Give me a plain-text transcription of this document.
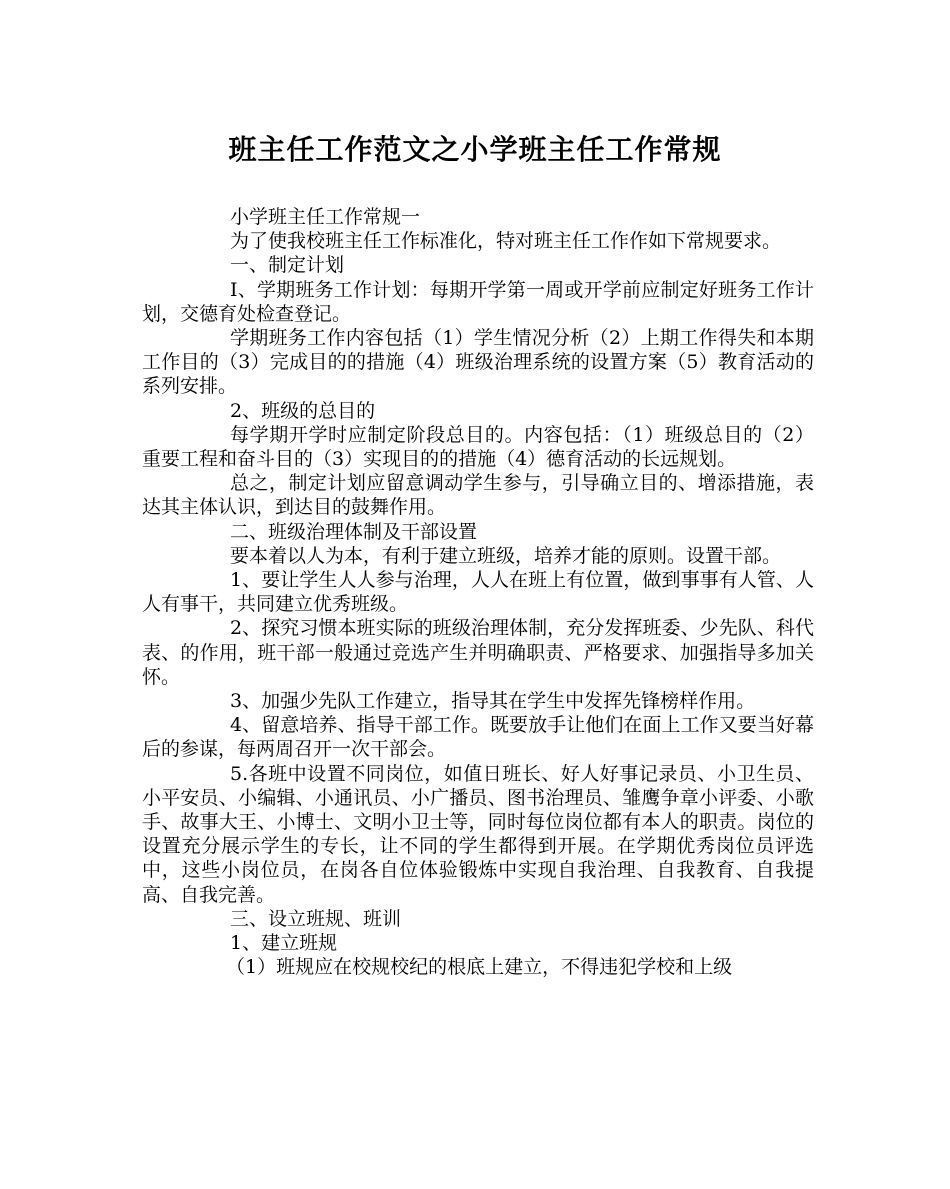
班主任工作范文之小学班主任工作常规

小学班主任工作常规一

为了使我校班主任工作标准化，特对班主任工作作如下常规要求。

一、制定计划

I、学期班务工作计划：每期开学第一周或开学前应制定好班务工作计划，交德育处检查登记。

学期班务工作内容包括（1）学生情况分析（2）上期工作得失和本期工作目的（3）完成目的的措施（4）班级治理系统的设置方案（5）教育活动的系列安排。

2、班级的总目的

每学期开学时应制定阶段总目的。内容包括：（1）班级总目的（2）重要工程和奋斗目的（3）实现目的的措施（4）德育活动的长远规划。

总之，制定计划应留意调动学生参与，引导确立目的、增添措施，表达其主体认识，到达目的鼓舞作用。

二、班级治理体制及干部设置

要本着以人为本，有利于建立班级，培养才能的原则。设置干部。

1、要让学生人人参与治理，人人在班上有位置，做到事事有人管、人人有事干，共同建立优秀班级。

2、探究习惯本班实际的班级治理体制，充分发挥班委、少先队、科代表、的作用，班干部一般通过竞选产生并明确职责、严格要求、加强指导多加关怀。

3、加强少先队工作建立，指导其在学生中发挥先锋榜样作用。

4、留意培养、指导干部工作。既要放手让他们在面上工作又要当好幕后的参谋，每两周召开一次干部会。

5.各班中设置不同岗位，如值日班长、好人好事记录员、小卫生员、小平安员、小编辑、小通讯员、小广播员、图书治理员、雏鹰争章小评委、小歌手、故事大王、小博士、文明小卫士等，同时每位岗位都有本人的职责。岗位的设置充分展示学生的专长，让不同的学生都得到开展。在学期优秀岗位员评选中，这些小岗位员，在岗各自位体验锻炼中实现自我治理、自我教育、自我提高、自我完善。

三、设立班规、班训

1、建立班规

（1）班规应在校规校纪的根底上建立，不得违犯学校和上级
